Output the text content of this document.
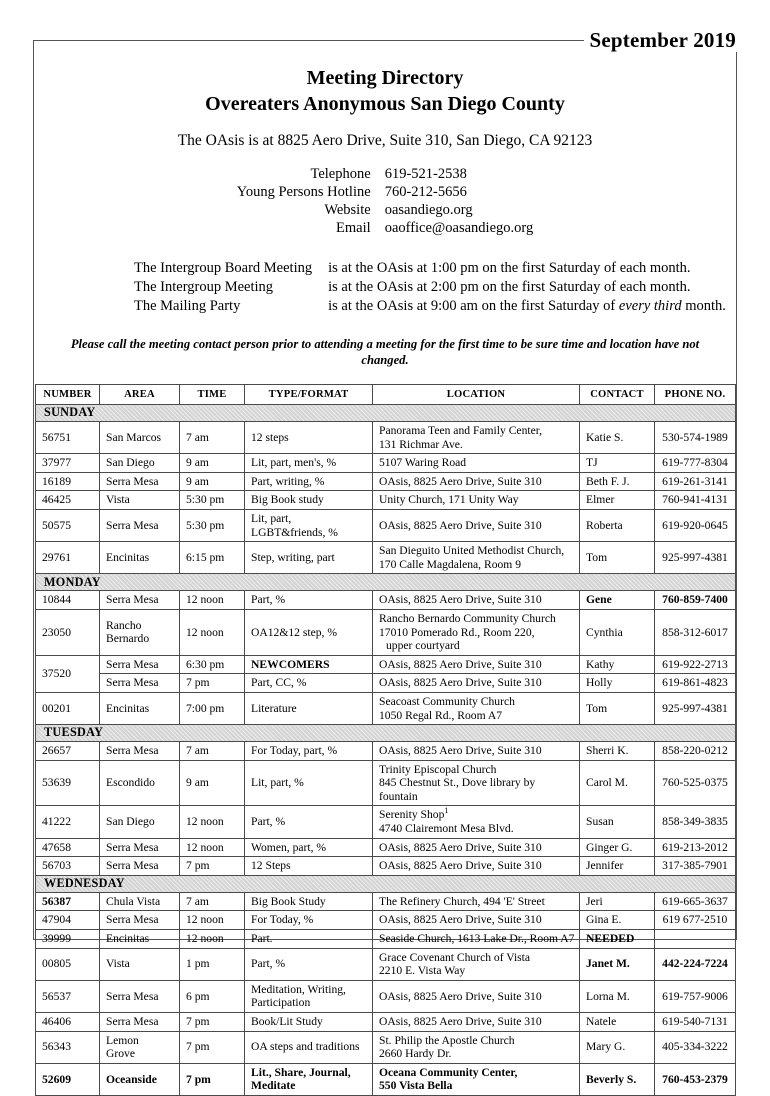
September 2019
Meeting Directory
Overeaters Anonymous San Diego County
The OAsis is at 8825 Aero Drive, Suite 310, San Diego, CA 92123
Telephone	619-521-2538
Young Persons Hotline	760-212-5656
Website	oasandiego.org
Email	oaoffice@oasandiego.org
The Intergroup Board Meeting	is at the OAsis at 1:00 pm on the first Saturday of each month.
The Intergroup Meeting	is at the OAsis at 2:00 pm on the first Saturday of each month.
The Mailing Party	is at the OAsis at 9:00 am on the first Saturday of every third month.
Please call the meeting contact person prior to attending a meeting for the first time to be sure time and location have not changed.
NUMBER	AREA	TIME	TYPE/FORMAT	LOCATION	CONTACT	PHONE NO.
SUNDAY						
56751	San Marcos	7 am	12 steps	Panorama Teen and Family Center,
131 Richmar Ave.	Katie S.	530-574-1989
37977	San Diego	9 am	Lit, part, men's, %	5107 Waring Road	TJ	619-777-8304
16189	Serra Mesa	9 am	Part, writing, %	OAsis, 8825 Aero Drive, Suite 310	Beth F. J.	619-261-3141
46425	Vista	5:30 pm	Big Book study	Unity Church, 171 Unity Way	Elmer	760-941-4131
50575	Serra Mesa	5:30 pm	Lit, part,
LGBT&friends, %	OAsis, 8825 Aero Drive, Suite 310	Roberta	619-920-0645
29761	Encinitas	6:15 pm	Step, writing, part	San Dieguito United Methodist Church,
170 Calle Magdalena, Room 9	Tom	925-997-4381
MONDAY						
10844	Serra Mesa	12 noon	Part, %	OAsis, 8825 Aero Drive, Suite 310	Gene	760-859-7400
23050	Rancho
Bernardo	12 noon	OA12&12 step, %	Rancho Bernardo Community Church
17010 Pomerado Rd., Room 220,
upper courtyard	Cynthia	858-312-6017
37520	Serra Mesa	6:30 pm	NEWCOMERS	OAsis, 8825 Aero Drive, Suite 310	Kathy	619-922-2713
	Serra Mesa	7 pm	Part, CC, %	OAsis, 8825 Aero Drive, Suite 310	Holly	619-861-4823
00201	Encinitas	7:00 pm	Literature	Seacoast Community Church
1050 Regal Rd., Room A7	Tom	925-997-4381
TUESDAY						
26657	Serra Mesa	7 am	For Today, part, %	OAsis, 8825 Aero Drive, Suite 310	Sherri K.	858-220-0212
53639	Escondido	9 am	Lit, part, %	Trinity Episcopal Church
845 Chestnut St., Dove library by fountain	Carol M.	760-525-0375
41222	San Diego	12 noon	Part, %	Serenity Shop$^1$
4740 Clairemont Mesa Blvd.	Susan	858-349-3835
47658	Serra Mesa	12 noon	Women, part, %	OAsis, 8825 Aero Drive, Suite 310	Ginger G.	619-213-2012
56703	Serra Mesa	7 pm	12 Steps	OAsis, 8825 Aero Drive, Suite 310	Jennifer	317-385-7901
WEDNESDAY						
56387	Chula Vista	7 am	Big Book Study	The Refinery Church, 494 'E' Street	Jeri	619-665-3637
47904	Serra Mesa	12 noon	For Today, %	OAsis, 8825 Aero Drive, Suite 310	Gina E.	619 677-2510
39999	Encinitas	12 noon	Part.	Seaside Church, 1613 Lake Dr., Room A7	NEEDED	
00805	Vista	1 pm	Part, %	Grace Covenant Church of Vista
2210 E. Vista Way	Janet M.	442-224-7224
56537	Serra Mesa	6 pm	Meditation, Writing,
Participation	OAsis, 8825 Aero Drive, Suite 310	Lorna M.	619-757-9006
46406	Serra Mesa	7 pm	Book/Lit Study	OAsis, 8825 Aero Drive, Suite 310	Natele	619-540-7131
56343	Lemon
Grove	7 pm	OA steps and traditions	St. Philip the Apostle Church
2660 Hardy Dr.	Mary G.	405-334-3222
52609	Oceanside	7 pm	Lit., Share, Journal,
Meditate	Oceana Community Center,
550 Vista Bella	Beverly S.	760-453-2379
